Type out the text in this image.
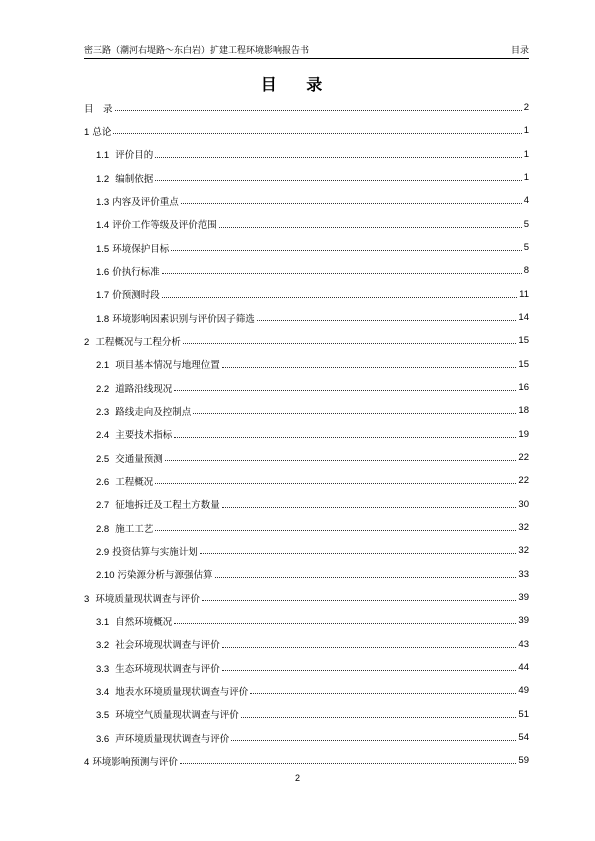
密三路（潮河右堤路～东白岩）扩建工程环境影响报告书	目录
目 录
目　录	2
1 总论	1
1.1  评价目的	1
1.2  编制依据	1
1.3 内容及评价重点	4
1.4 评价工作等级及评价范围	5
1.5 环境保护目标	5
1.6 价执行标准	8
1.7 价预测时段	11
1.8 环境影响因素识别与评价因子筛选	14
2  工程概况与工程分析	15
2.1  项目基本情况与地理位置	15
2.2  道路沿线现况	16
2.3  路线走向及控制点	18
2.4  主要技术指标	19
2.5  交通量预测	22
2.6  工程概况	22
2.7  征地拆迁及工程土方数量	30
2.8  施工工艺	32
2.9 投资估算与实施计划	32
2.10 污染源分析与源强估算	33
3  环境质量现状调查与评价	39
3.1  自然环境概况	39
3.2  社会环境现状调查与评价	43
3.3  生态环境现状调查与评价	44
3.4  地表水环境质量现状调查与评价	49
3.5  环境空气质量现状调查与评价	51
3.6  声环境质量现状调查与评价	54
4 环境影响预测与评价	59
2
